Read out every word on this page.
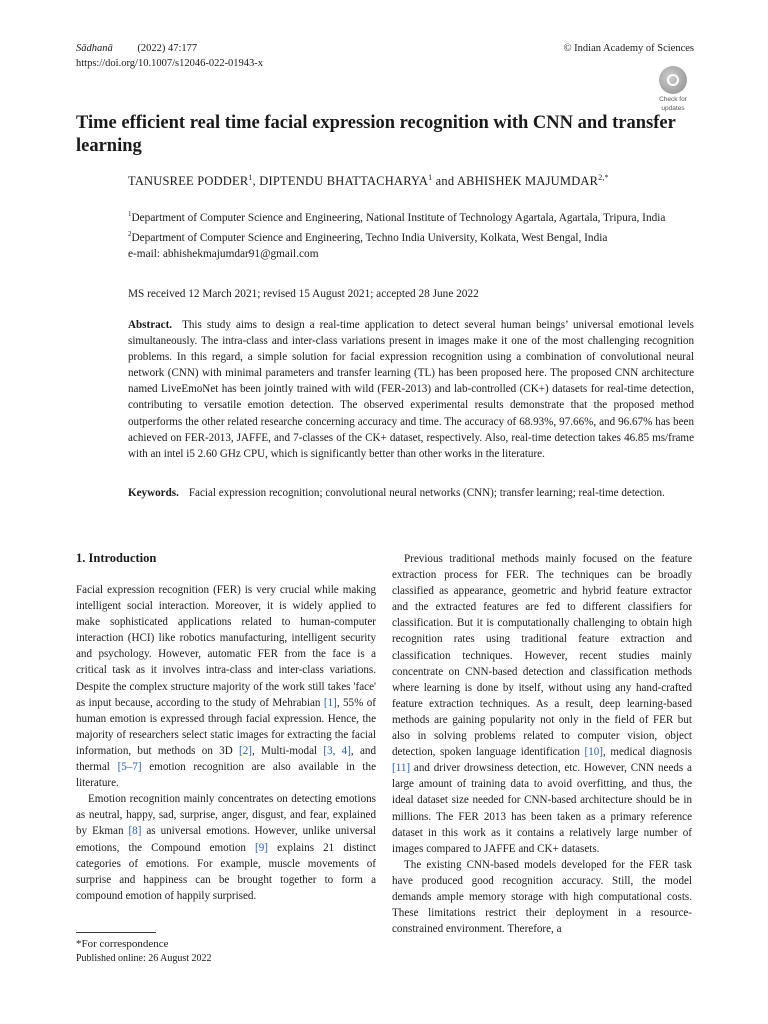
Sādhanā (2022) 47:177
https://doi.org/10.1007/s12046-022-01943-x
© Indian Academy of Sciences
Check for
updates
Time efficient real time facial expression recognition with CNN and transfer learning
TANUSREE PODDER$^1$, DIPTENDU BHATTACHARYA$^1$ and ABHISHEK $MAJUMDAR^{2,*}$
$^1$Department of Computer Science and Engineering, National Institute of Technology Agartala, Agartala, Tripura, India
$^2$Department of Computer Science and Engineering, Techno India University, Kolkata, West Bengal, India
e-mail: abhishekmajumdar91@gmail.com
MS received 12 March 2021; revised 15 August 2021; accepted 28 June 2022
Abstract. This study aims to design a real-time application to detect several human beings’ universal emotional levels simultaneously. The intra-class and inter-class variations present in images make it one of the most challenging recognition problems. In this regard, a simple solution for facial expression recognition using a combination of convolutional neural network (CNN) with minimal parameters and transfer learning (TL) has been proposed here. The proposed CNN architecture named LiveEmoNet has been jointly trained with wild (FER-2013) and lab-controlled (CK+) datasets for real-time detection, contributing to versatile emotion detection. The observed experimental results demonstrate that the proposed method outperforms the other related researche concerning accuracy and time. The accuracy of 68.93%, 97.66%, and 96.67% has been achieved on FER-2013, JAFFE, and 7-classes of the CK+ dataset, respectively. Also, real-time detection takes 46.85 ms/frame with an intel i5 2.60 GHz CPU, which is significantly better than other works in the literature.
Keywords. Facial expression recognition; convolutional neural networks (CNN); transfer learning; real-time detection.
1. Introduction

Facial expression recognition (FER) is very crucial while making intelligent social interaction. Moreover, it is widely applied to make sophisticated applications related to human-computer interaction (HCI) like robotics manufacturing, intelligent security and psychology. However, automatic FER from the face is a critical task as it involves intra-class and inter-class variations. Despite the complex structure majority of the work still takes 'face' as input because, according to the study of Mehrabian [1], 55% of human emotion is expressed through facial expression. Hence, the majority of researchers select static images for extracting the facial information, but methods on 3D [2], Multi-modal [3, 4], and thermal [5–7] emotion recognition are also available in the literature.

Emotion recognition mainly concentrates on detecting emotions as neutral, happy, sad, surprise, anger, disgust, and fear, explained by Ekman [8] as universal emotions. However, unlike universal emotions, the Compound emotion [9] explains 21 distinct categories of emotions. For example, muscle movements of surprise and happiness can be brought together to form a compound emotion of happily surprised.

Previous traditional methods mainly focused on the feature extraction process for FER. The techniques can be broadly classified as appearance, geometric and hybrid feature extractor and the extracted features are fed to different classifiers for classification. But it is computationally challenging to obtain high recognition rates using traditional feature extraction and classification techniques. However, recent studies mainly concentrate on CNN-based detection and classification methods where learning is done by itself, without using any hand-crafted feature extraction techniques. As a result, deep learning-based methods are gaining popularity not only in the field of FER but also in solving problems related to computer vision, object detection, spoken language identification [10], medical diagnosis [11] and driver drowsiness detection, etc. However, CNN needs a large amount of training data to avoid overfitting, and thus, the ideal dataset size needed for CNN-based architecture should be in millions. The FER 2013 has been taken as a primary reference dataset in this work as it contains a relatively large number of images compared to JAFFE and CK+ datasets.

The existing CNN-based models developed for the FER task have produced good recognition accuracy. Still, the model demands ample memory storage with high computational costs. These limitations restrict their deployment in a resource-constrained environment. Therefore, a

*For correspondence
Published online: 26 August 2022
